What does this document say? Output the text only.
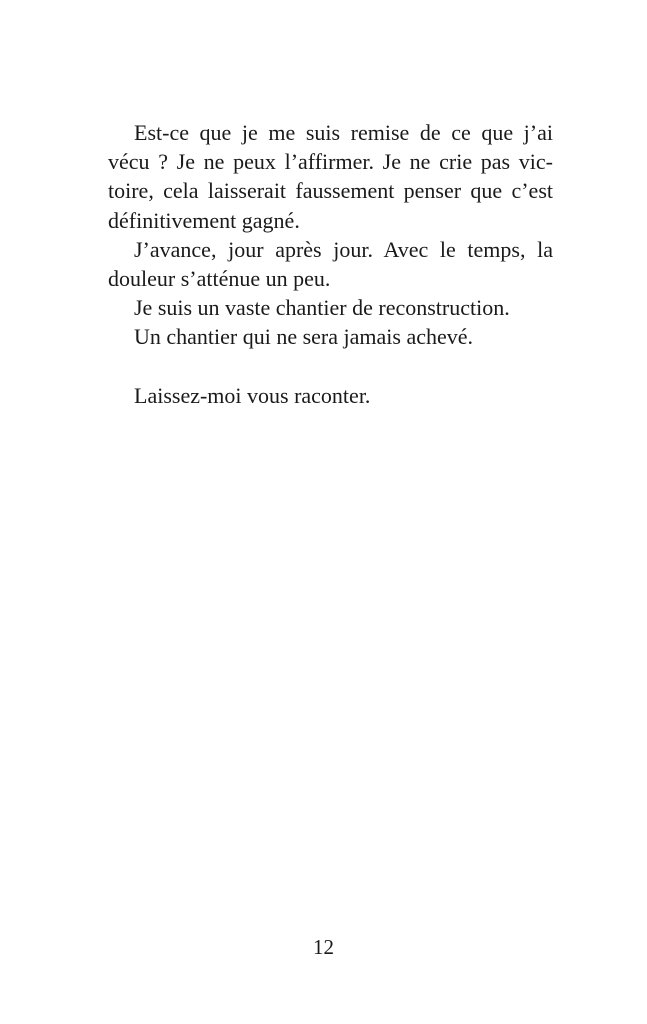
Est-ce que je me suis remise de ce que j’ai
vécu ? Je ne peux l’affirmer. Je ne crie pas vic-
toire, cela laisserait faussement penser que c’est
définitivement gagné.
J’avance, jour après jour. Avec le temps, la
douleur s’atténue un peu.
Je suis un vaste chantier de reconstruction.
Un chantier qui ne sera jamais achevé.
Laissez-moi vous raconter.
12
